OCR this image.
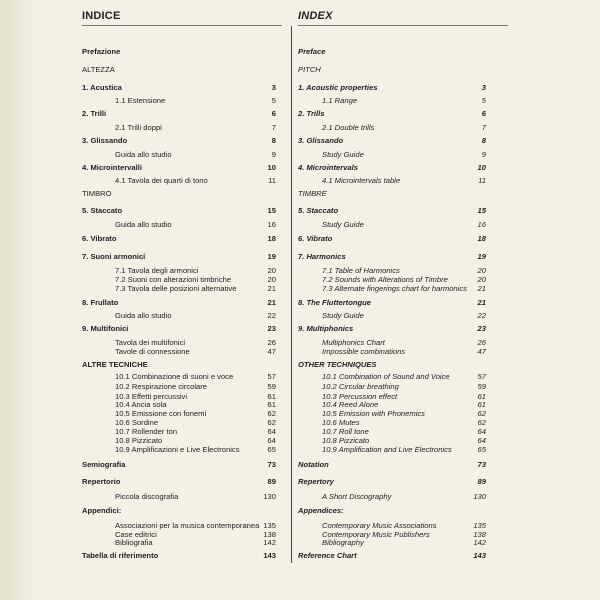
INDICE	INDEX
Prefazione
ALTEZZA
1. Acustica	3
1.1 Estensione	5
2. Trilli	6
2.1 Trilli doppi	7
3. Glissando	8
Guida allo studio	9
4. Microintervalli	10
4.1 Tavola dei quarti di tono	11
TIMBRO
5. Staccato	15
Guida allo studio	16
6. Vibrato	18
7. Suoni armonici	19
7.1 Tavola degli armonici	20
7.2 Suoni con alterazioni timbriche	20
7.3 Tavola delle posizioni alternative	21
8. Frullato	21
Guida allo studio	22
9. Multifonici	23
Tavola dei multifonici	26
Tavole di connessione	47
ALTRE TECNICHE
10.1 Combinazione di suoni e voce	57
10.2 Respirazione circolare	59
10.3 Effetti percussivi	61
10.4 Ancia sola	61
10.5 Emissione con fonemi	62
10.6 Sordine	62
10.7 Rollender ton	64
10.8 Pizzicato	64
10.9 Amplificazioni e Live Electronics	65
Semiografia	73
Repertorio	89
Piccola discografia	130
Appendici:
Associazioni per la musica contemporanea 135
Case editrici	138
Bibliografia	142
Tabella di riferimento	143
Preface
PITCH
1. Acoustic properties	3
1.1 Range	5
2. Trills	6
2.1 Double trills	7
3. Glissando	8
Study Guide	9
4. Microintervals	10
4.1 Microintervals table	11
TIMBRE
5. Staccato	15
Study Guide	16
6. Vibrato	18
7. Harmonics	19
7.1 Table of Harmonics	20
7.2 Sounds with Alterations of Timbre	20
7.3 Alternate fingerings chart for harmonics	21
8. The Fluttertongue	21
Study Guide	22
9. Multiphonics	23
Multiphonics Chart	26
Impossible combinations	47
OTHER TECHNIQUES
10.1 Combination of Sound and Voice	57
10.2 Circular breathing	59
10.3 Percussion effect	61
10.4 Reed Alone	61
10.5 Emission with Phonemics	62
10.6 Mutes	62
10.7 Roll tone	64
10.8 Pizzicato	64
10.9 Amplification and Live Electronics	65
Notation	73
Repertory	89
A Short Discography	130
Appendices:
Contemporary Music Associations	135
Contemporary Music Publishers	138
Bibliography	142
Reference Chart	143
